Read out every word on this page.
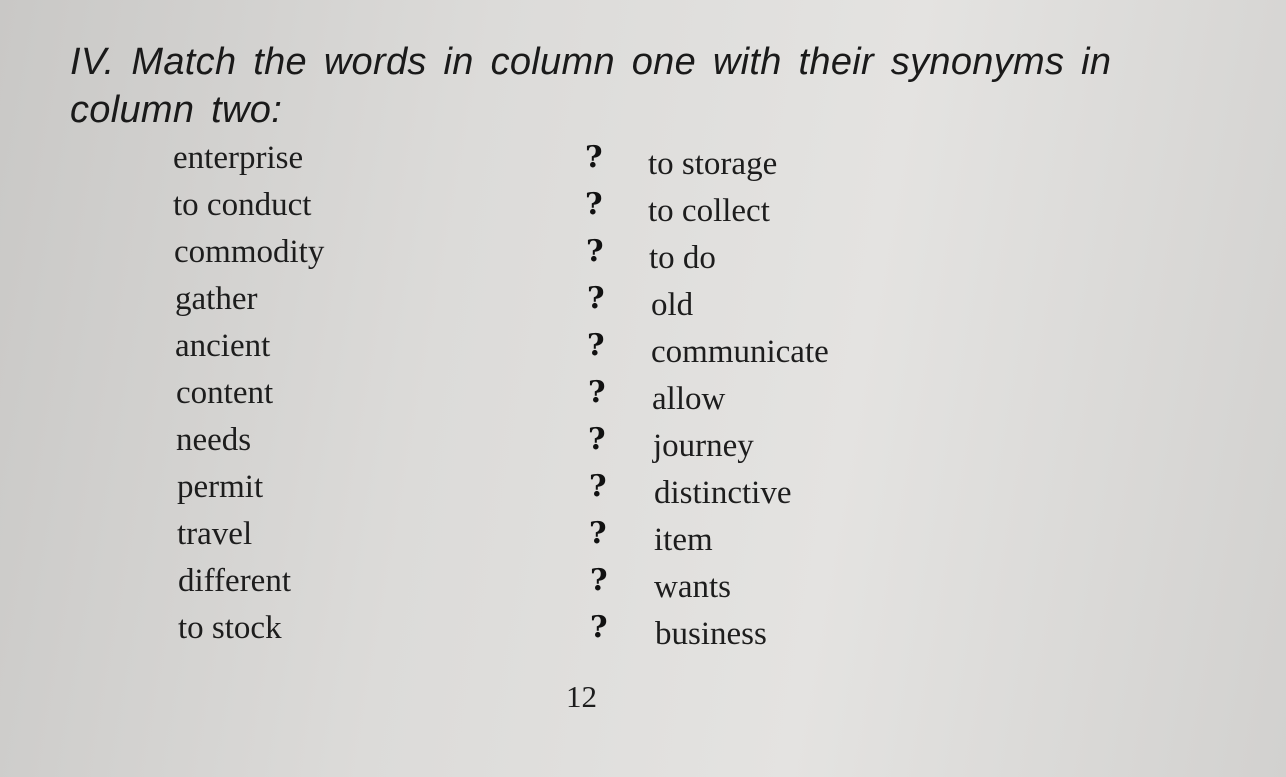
IV. Match the words in column one with their synonyms in column two:
enterprise	? to storage
to conduct	? to collect
commodity	? to do
gather	? old
ancient	? communicate
content	? allow
needs	? journey
permit	? distinctive
travel	? item
different	? wants
to stock	? business
12
